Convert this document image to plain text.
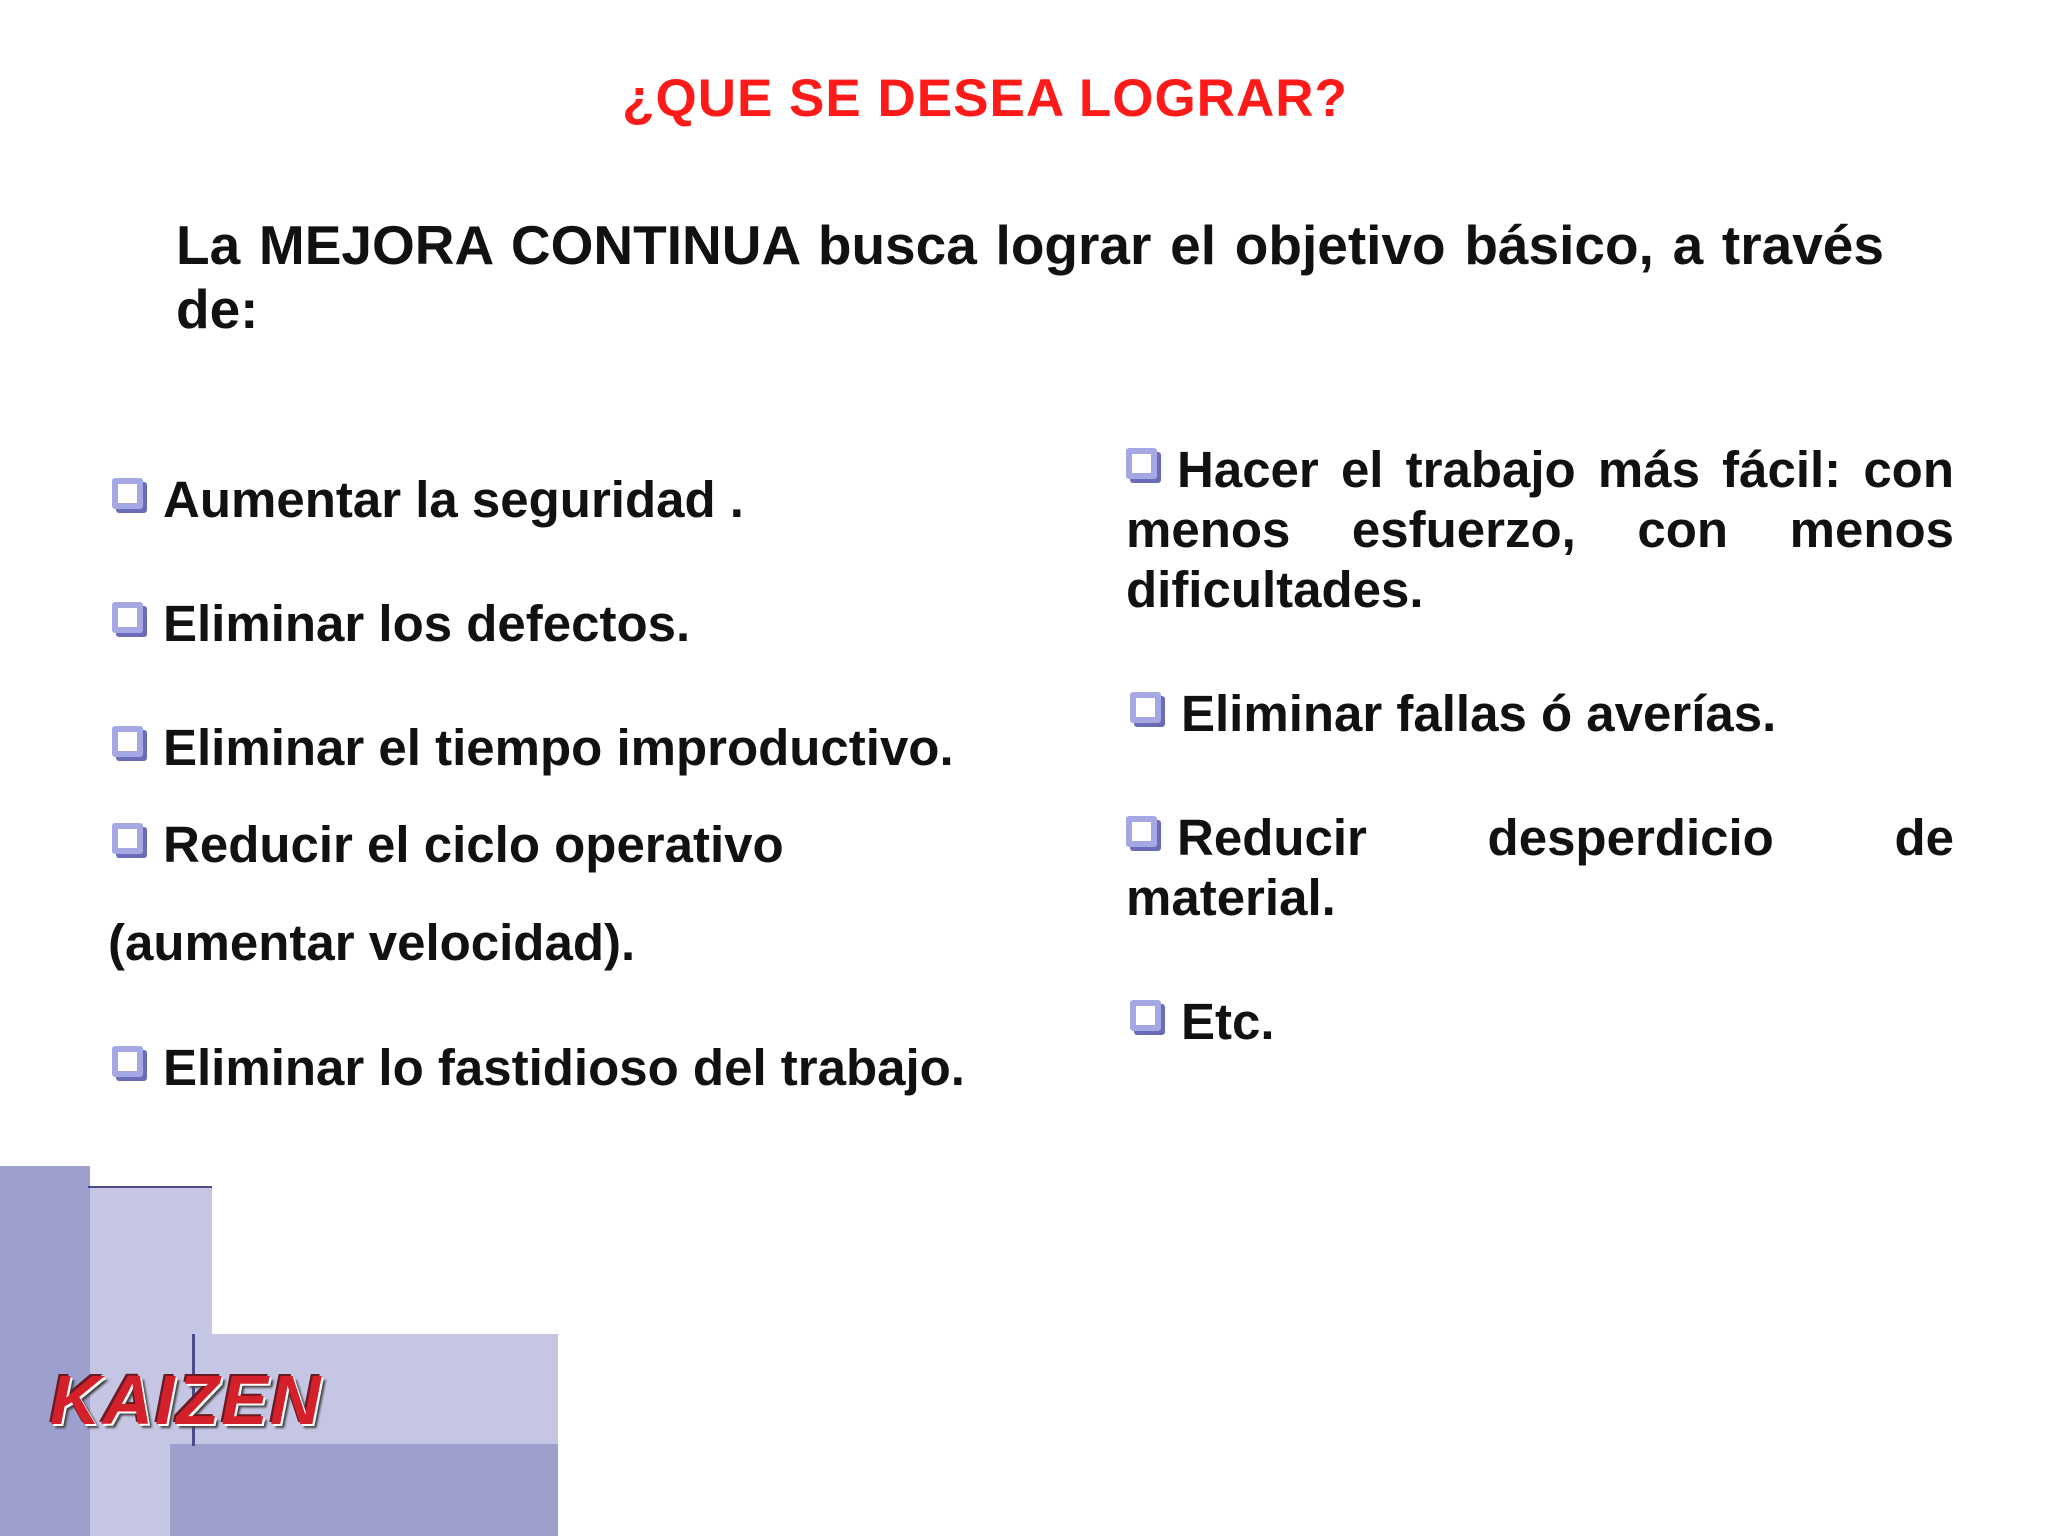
¿QUE SE DESEA LOGRAR?
La MEJORA CONTINUA busca lograr el objetivo básico, a través de:
Aumentar la seguridad .
Eliminar los defectos.
Eliminar el tiempo improductivo.
Reducir el ciclo operativo
(aumentar velocidad).
Eliminar lo fastidioso del trabajo.
Hacer el trabajo más fácil: con menos esfuerzo, con menos dificultades.
Eliminar fallas ó averías.
Reducir desperdicio de material.
Etc.
KAIZEN
